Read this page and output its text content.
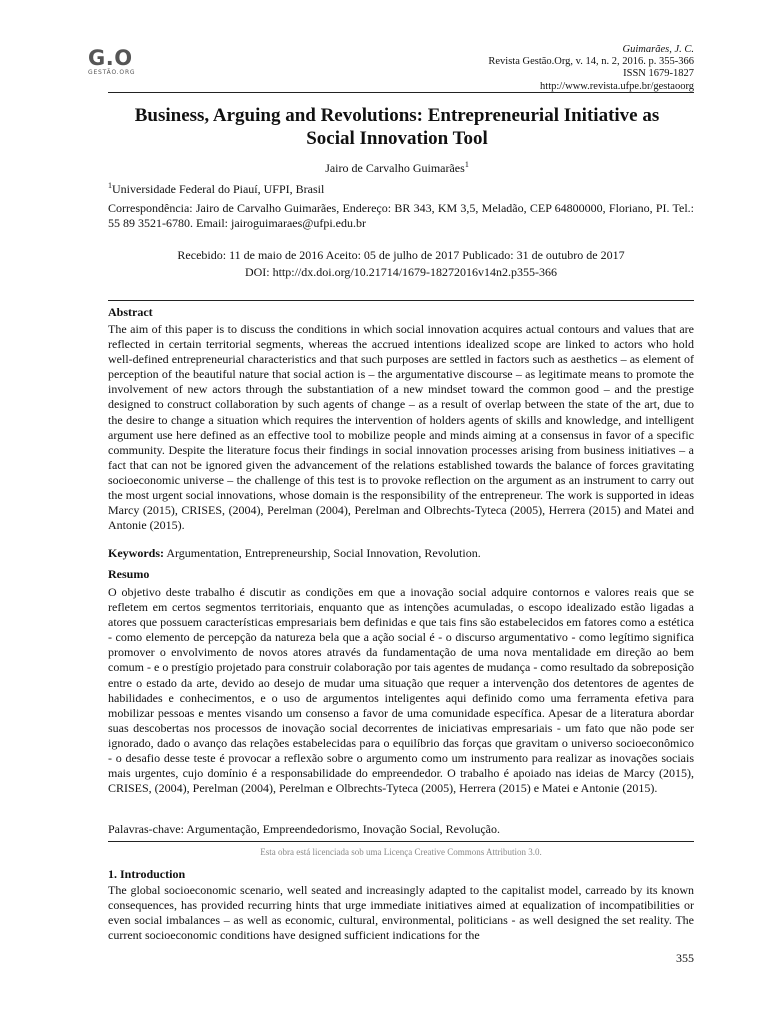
G.O
GESTÃO.ORG
Guimarães, J. C.
Revista Gestão.Org, v. 14, n. 2, 2016. p. 355-366
ISSN 1679-1827
http://www.revista.ufpe.br/gestaoorg
Business, Arguing and Revolutions: Entrepreneurial Initiative as
Social Innovation Tool
Jairo de Carvalho Guimarães$^1$
$^1$Universidade Federal do Piauí, UFPI, Brasil
Correspondência: Jairo de Carvalho Guimarães, Endereço: BR 343, KM 3,5, Meladão, CEP 64800000, Floriano, PI. Tel.: 55 89 3521-6780. Email: jairoguimaraes@ufpi.edu.br
Recebido: 11 de maio de 2016 Aceito: 05 de julho de 2017 Publicado: 31 de outubro de 2017
DOI: http://dx.doi.org/10.21714/1679-18272016v14n2.p355-366
Abstract
The aim of this paper is to discuss the conditions in which social innovation acquires actual contours and values that are reflected in certain territorial segments, whereas the accrued intentions idealized scope are linked to actors who hold well-defined entrepreneurial characteristics and that such purposes are settled in factors such as aesthetics – as element of perception of the beautiful nature that social action is – the argumentative discourse – as legitimate means to promote the involvement of new actors through the substantiation of a new mindset toward the common good – and the prestige designed to construct collaboration by such agents of change – as a result of overlap between the state of the art, due to the desire to change a situation which requires the intervention of holders agents of skills and knowledge, and intelligent argument use here defined as an effective tool to mobilize people and minds aiming at a consensus in favor of a specific community. Despite the literature focus their findings in social innovation processes arising from business initiatives – a fact that can not be ignored given the advancement of the relations established towards the balance of forces gravitating socioeconomic universe – the challenge of this test is to provoke reflection on the argument as an instrument to carry out the most urgent social innovations, whose domain is the responsibility of the entrepreneur. The work is supported in ideas Marcy (2015), CRISES, (2004), Perelman (2004), Perelman and Olbrechts-Tyteca (2005), Herrera (2015) and Matei and Antonie (2015).
Keywords: Argumentation, Entrepreneurship, Social Innovation, Revolution.
Resumo
O objetivo deste trabalho é discutir as condições em que a inovação social adquire contornos e valores reais que se refletem em certos segmentos territoriais, enquanto que as intenções acumuladas, o escopo idealizado estão ligadas a atores que possuem características empresariais bem definidas e que tais fins são estabelecidos em fatores como a estética - como elemento de percepção da natureza bela que a ação social é - o discurso argumentativo - como legítimo significa promover o envolvimento de novos atores através da fundamentação de uma nova mentalidade em direção ao bem comum - e o prestígio projetado para construir colaboração por tais agentes de mudança - como resultado da sobreposição entre o estado da arte, devido ao desejo de mudar uma situação que requer a intervenção dos detentores de agentes de habilidades e conhecimentos, e o uso de argumentos inteligentes aqui definido como uma ferramenta efetiva para mobilizar pessoas e mentes visando um consenso a favor de uma comunidade específica. Apesar de a literatura abordar suas descobertas nos processos de inovação social decorrentes de iniciativas empresariais - um fato que não pode ser ignorado, dado o avanço das relações estabelecidas para o equilíbrio das forças que gravitam o universo socioeconômico - o desafio desse teste é provocar a reflexão sobre o argumento como um instrumento para realizar as inovações sociais mais urgentes, cujo domínio é a responsabilidade do empreendedor. O trabalho é apoiado nas ideias de Marcy (2015), CRISES, (2004), Perelman (2004), Perelman e Olbrechts-Tyteca (2005), Herrera (2015) e Matei e Antonie (2015).
Palavras-chave: Argumentação, Empreendedorismo, Inovação Social, Revolução.
Esta obra está licenciada sob uma Licença Creative Commons Attribution 3.0.
1. Introduction
The global socioeconomic scenario, well seated and increasingly adapted to the capitalist model, carreado by its known consequences, has provided recurring hints that urge immediate initiatives aimed at equalization of incompatibilities or even social imbalances – as well as economic, cultural, environmental, politicians - as well designed the set reality. The current socioeconomic conditions have designed sufficient indications for the
355
